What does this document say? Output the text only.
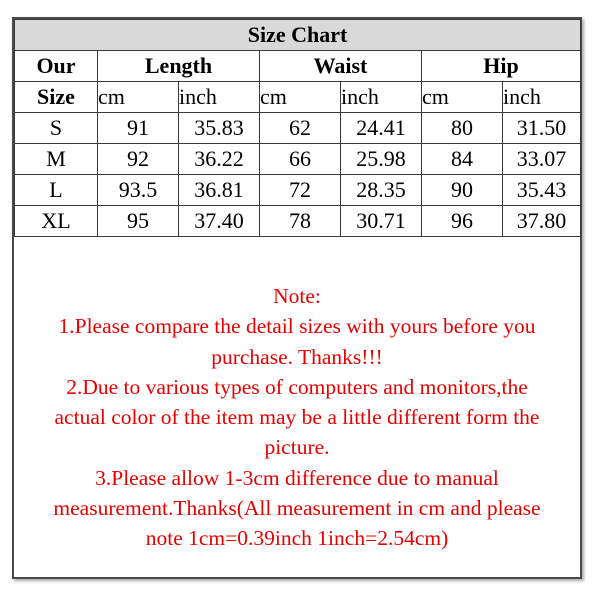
Size Chart						
Our	Length		Waist		Hip	
Size	cm	inch	cm	inch	cm	inch
S	91	35.83	62	24.41	80	31.50
M	92	36.22	66	25.98	84	33.07
L	93.5	36.81	72	28.35	90	35.43
XL	95	37.40	78	30.71	96	37.80
Note:
1.Please compare the detail sizes with yours before you
purchase. Thanks!!!
2.Due to various types of computers and monitors,the
actual color of the item may be a little different form the
picture.
3.Please allow 1-3cm difference due to manual
measurement.Thanks(All measurement in cm and please
note 1cm=0.39inch 1inch=2.54cm)
